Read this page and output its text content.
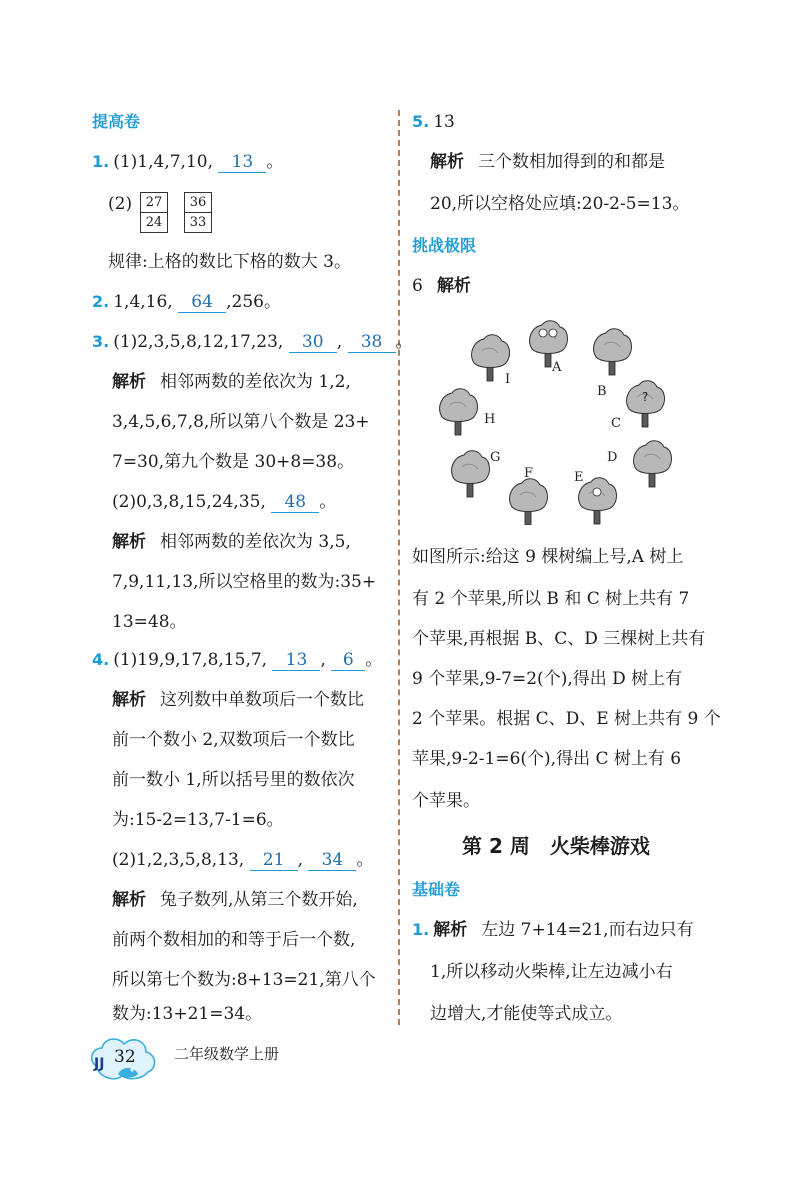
提高卷
1. (1)1,4,7,10, 13 。
(2)	27
24
36
33
规律:上格的数比下格的数大 3。
2. 1,4,16, 64 ,256。
3. (1)2,3,5,8,12,17,23, 30 , 38 。
解析 相邻两数的差依次为 1,2,
3,4,5,6,7,8,所以第八个数是 23+
7=30,第九个数是 30+8=38。
(2)0,3,8,15,24,35, 48 。
解析 相邻两数的差依次为 3,5,
7,9,11,13,所以空格里的数为:35+
13=48。
4. (1)19,9,17,8,15,7, 13 , 6 。
解析 这列数中单数项后一个数比
前一个数小 2,双数项后一个数比
前一数小 1,所以括号里的数依次
为:15-2=13,7-1=6。
(2)1,2,3,5,8,13, 21 , 34 。
解析 兔子数列,从第三个数开始,
前两个数相加的和等于后一个数,
所以第七个数为:8+13=21,第八个
数为:13+21=34。
5. 13
解析 三个数相加得到的和都是
20,所以空格处应填:20-2-5=13。
挑战极限
6 解析
?
A
B
C
D
E
F
G
H
I
如图所示:给这 9 棵树编上号,A 树上
有 2 个苹果,所以 B 和 C 树上共有 7
个苹果,再根据 B、C、D 三棵树上共有
9 个苹果,9-7=2(个),得出 D 树上有
2 个苹果。根据 C、D、E 树上共有 9 个
苹果,9-2-1=6(个),得出 C 树上有 6
个苹果。
第 2 周　火柴棒游戏
基础卷
1. 解析 左边 7+14=21,而右边只有
1,所以移动火柴棒,让左边减小右
边增大,才能使等式成立。
JJ 32	二年级数学上册
